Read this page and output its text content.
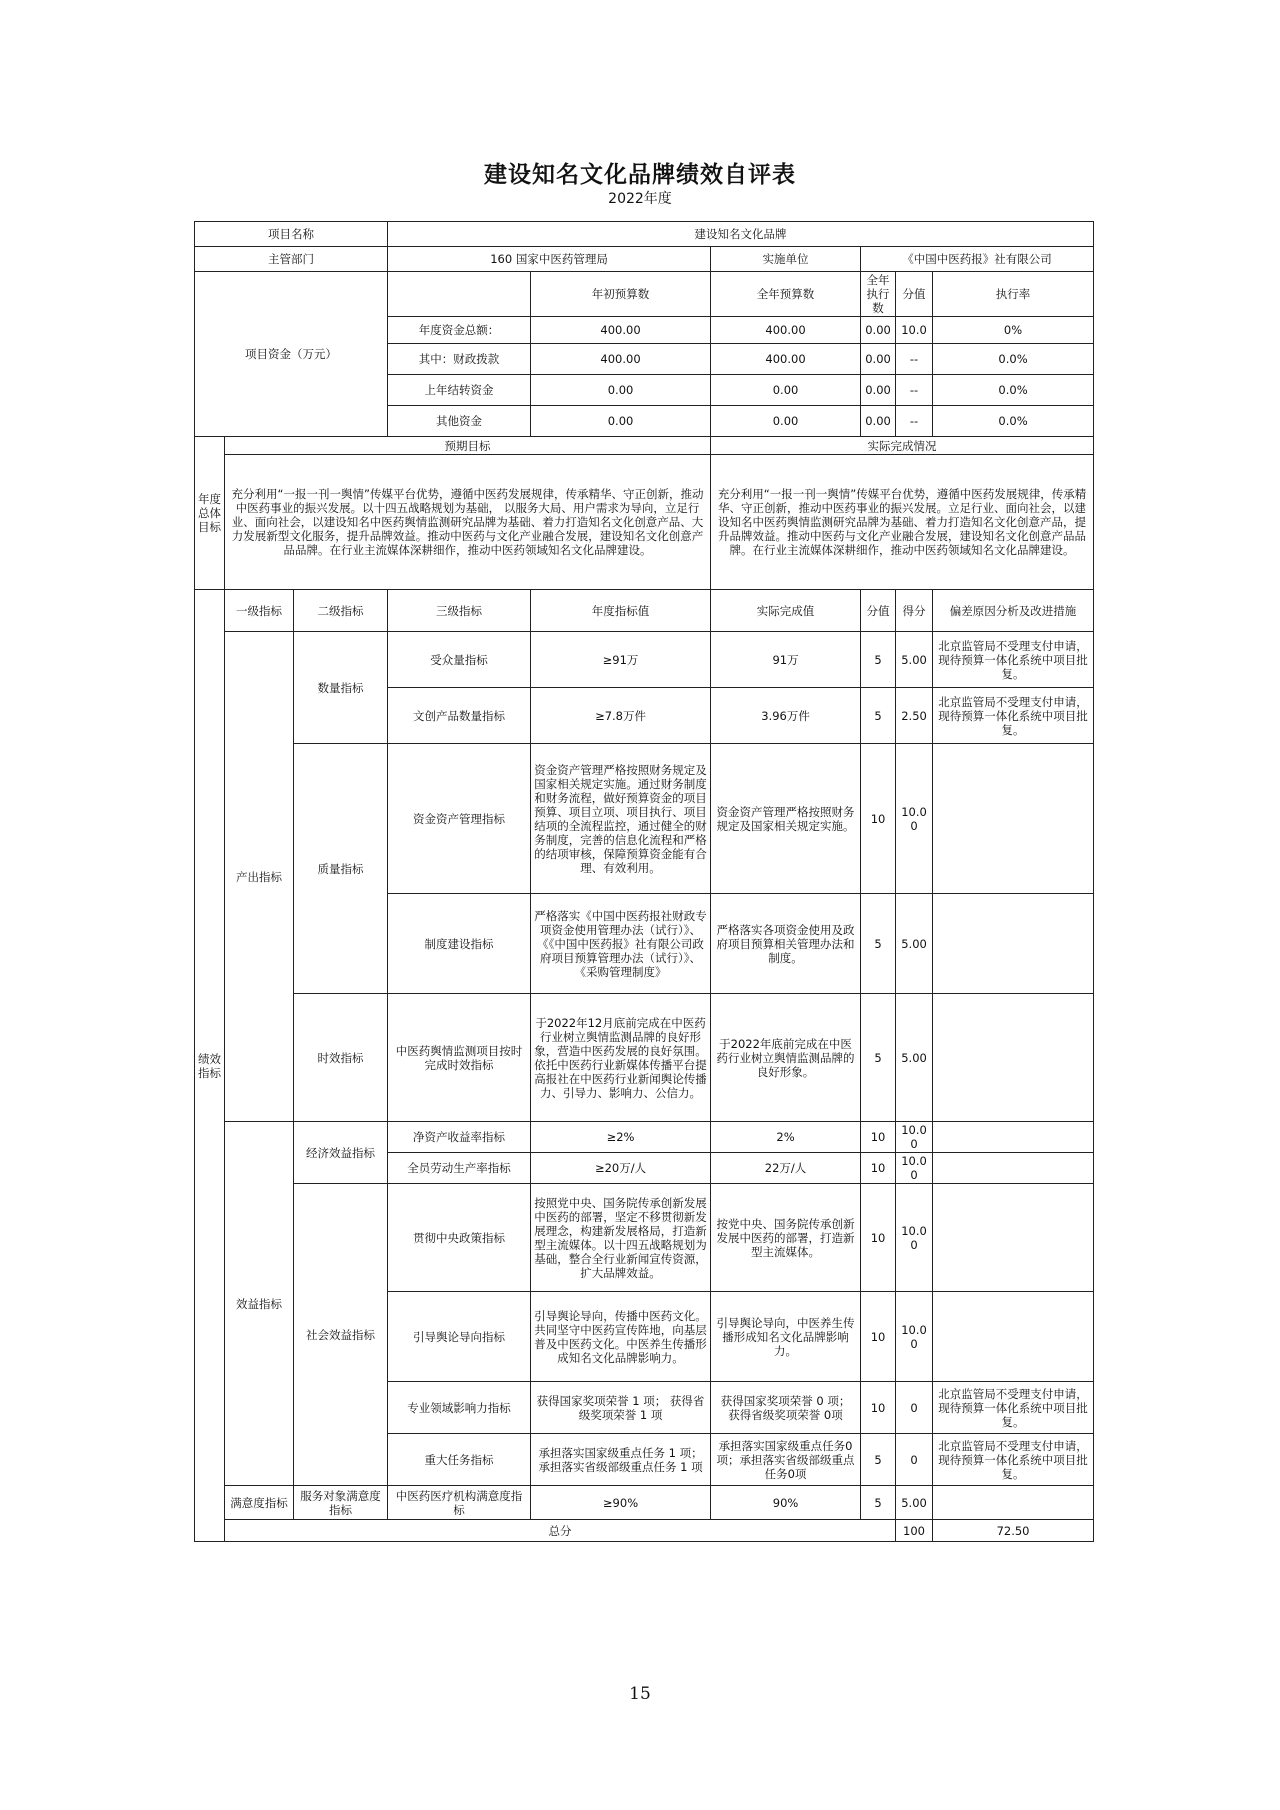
建设知名文化品牌绩效自评表
2022年度
项目名称			建设知名文化品牌						
主管部门			160 国家中医药管理局		实施单位	《中国中医药报》社有限公司			
项目资金（万元）				年初预算数	全年预算数	全年执行数	分值	执行率	
			年度资金总额：	400.00	400.00	0.00	10.0	0%	
			其中：财政拨款	400.00	400.00	0.00	--	0.0%	
			上年结转资金	0.00	0.00	0.00	--	0.0%	
			其他资金	0.00	0.00	0.00	--	0.0%	
年度总体目标	预期目标				实际完成情况				
	充分利用“一报一刊一舆情”传媒平台优势，遵循中医药发展规律，传承精华、守正创新，推动中医药事业的振兴发展。以十四五战略规划为基础， 以服务大局、用户需求为导向，立足行业、面向社会，以建设知名中医药舆情监测研究品牌为基础、着力打造知名文化创意产品、大力发展新型文化服务，提升品牌效益。推动中医药与文化产业融合发展，建设知名文化创意产品品牌。在行业主流媒体深耕细作，推动中医药领域知名文化品牌建设。				充分利用“一报一刊一舆情”传媒平台优势，遵循中医药发展规律，传承精华、守正创新，推动中医药事业的振兴发展。立足行业、面向社会，以建设知名中医药舆情监测研究品牌为基础、着力打造知名文化创意产品，提升品牌效益。推动中医药与文化产业融合发展，建设知名文化创意产品品牌。在行业主流媒体深耕细作，推动中医药领域知名文化品牌建设。				
绩效指标	一级指标	二级指标	三级指标	年度指标值	实际完成值	分值	得分	偏差原因分析及改进措施	
	产出指标	数量指标	受众量指标	≥91万	91万	5	5.00	北京监管局不受理支付申请，现待预算一体化系统中项目批复。	
			文创产品数量指标	≥7.8万件	3.96万件	5	2.50	北京监管局不受理支付申请，现待预算一体化系统中项目批复。	
		质量指标	资金资产管理指标	资金资产管理严格按照财务规定及国家相关规定实施。通过财务制度和财务流程，做好预算资金的项目预算、项目立项、项目执行、项目结项的全流程监控，通过健全的财务制度，完善的信息化流程和严格的结项审核，保障预算资金能有合理、有效利用。	资金资产管理严格按照财务规定及国家相关规定实施。	10	10.00		
			制度建设指标	严格落实《中国中医药报社财政专项资金使用管理办法（试行）》、《《中国中医药报》社有限公司政府项目预算管理办法（试行）》、《采购管理制度》	严格落实各项资金使用及政府项目预算相关管理办法和制度。	5	5.00		
		时效指标	中医药舆情监测项目按时完成时效指标	于2022年12月底前完成在中医药行业树立舆情监测品牌的良好形象，营造中医药发展的良好氛围。依托中医药行业新媒体传播平台提高报社在中医药行业新闻舆论传播力、引导力、影响力、公信力。	于2022年底前完成在中医药行业树立舆情监测品牌的良好形象。	5	5.00		
	效益指标	经济效益指标	净资产收益率指标	≥2%	2%	10	10.00		
			全员劳动生产率指标	≥20万/人	22万/人	10	10.00		
		社会效益指标	贯彻中央政策指标	按照党中央、国务院传承创新发展中医药的部署，坚定不移贯彻新发展理念，构建新发展格局，打造新型主流媒体。以十四五战略规划为基础，整合全行业新闻宣传资源，扩大品牌效益。	按党中央、国务院传承创新发展中医药的部署，打造新型主流媒体。	10	10.00		
			引导舆论导向指标	引导舆论导向，传播中医药文化。共同坚守中医药宣传阵地，向基层普及中医药文化。中医养生传播形成知名文化品牌影响力。	引导舆论导向，中医养生传播形成知名文化品牌影响力。	10	10.00		
			专业领域影响力指标	获得国家奖项荣誉 1 项； 获得省级奖项荣誉 1 项	获得国家奖项荣誉 0 项； 获得省级奖项荣誉 0项	10	0	北京监管局不受理支付申请，现待预算一体化系统中项目批复。	
			重大任务指标	承担落实国家级重点任务 1 项；承担落实省级部级重点任务 1 项	承担落实国家级重点任务0项；承担落实省级部级重点任务0项	5	0	北京监管局不受理支付申请，现待预算一体化系统中项目批复。	
	满意度指标	服务对象满意度指标	中医药医疗机构满意度指标	≥90%	90%	5	5.00		
	总分						100	72.50	
15
